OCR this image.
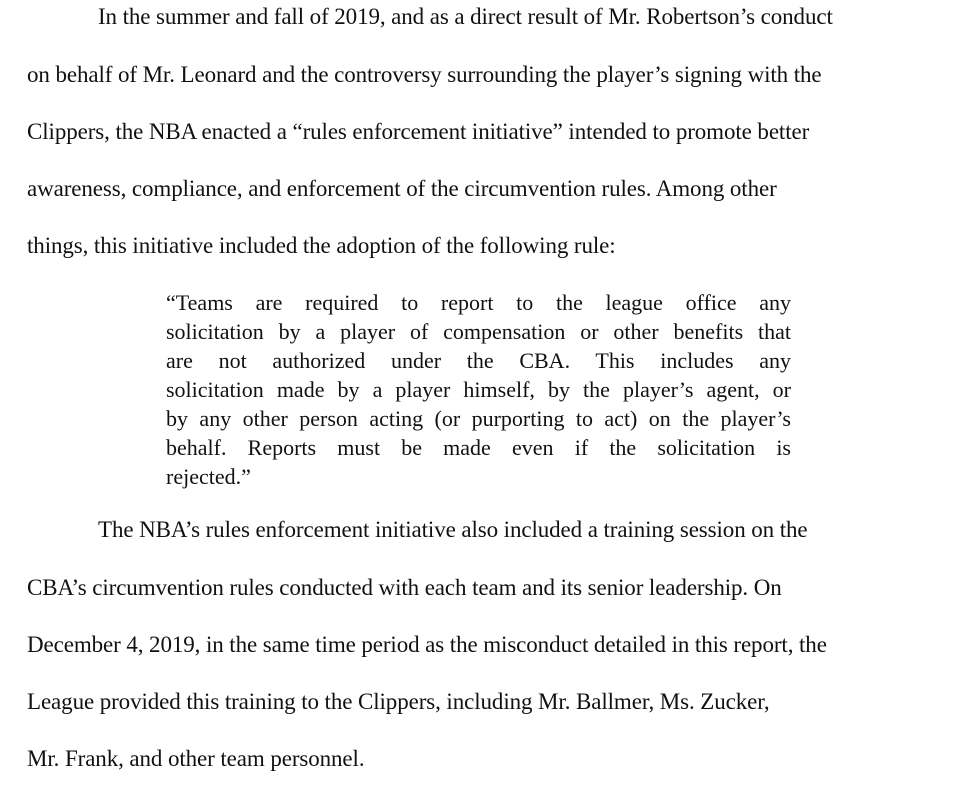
In the summer and fall of 2019, and as a direct result of Mr. Robertson’s conduct
on behalf of Mr. Leonard and the controversy surrounding the player’s signing with the
Clippers, the NBA enacted a “rules enforcement initiative” intended to promote better
awareness, compliance, and enforcement of the circumvention rules. Among other
things, this initiative included the adoption of the following rule:
“Teams are required to report to the league office any
solicitation by a player of compensation or other benefits that
are not authorized under the CBA. This includes any
solicitation made by a player himself, by the player’s agent, or
by any other person acting (or purporting to act) on the player’s
behalf. Reports must be made even if the solicitation is
rejected.”
The NBA’s rules enforcement initiative also included a training session on the
CBA’s circumvention rules conducted with each team and its senior leadership. On
December 4, 2019, in the same time period as the misconduct detailed in this report, the
League provided this training to the Clippers, including Mr. Ballmer, Ms. Zucker,
Mr. Frank, and other team personnel.
